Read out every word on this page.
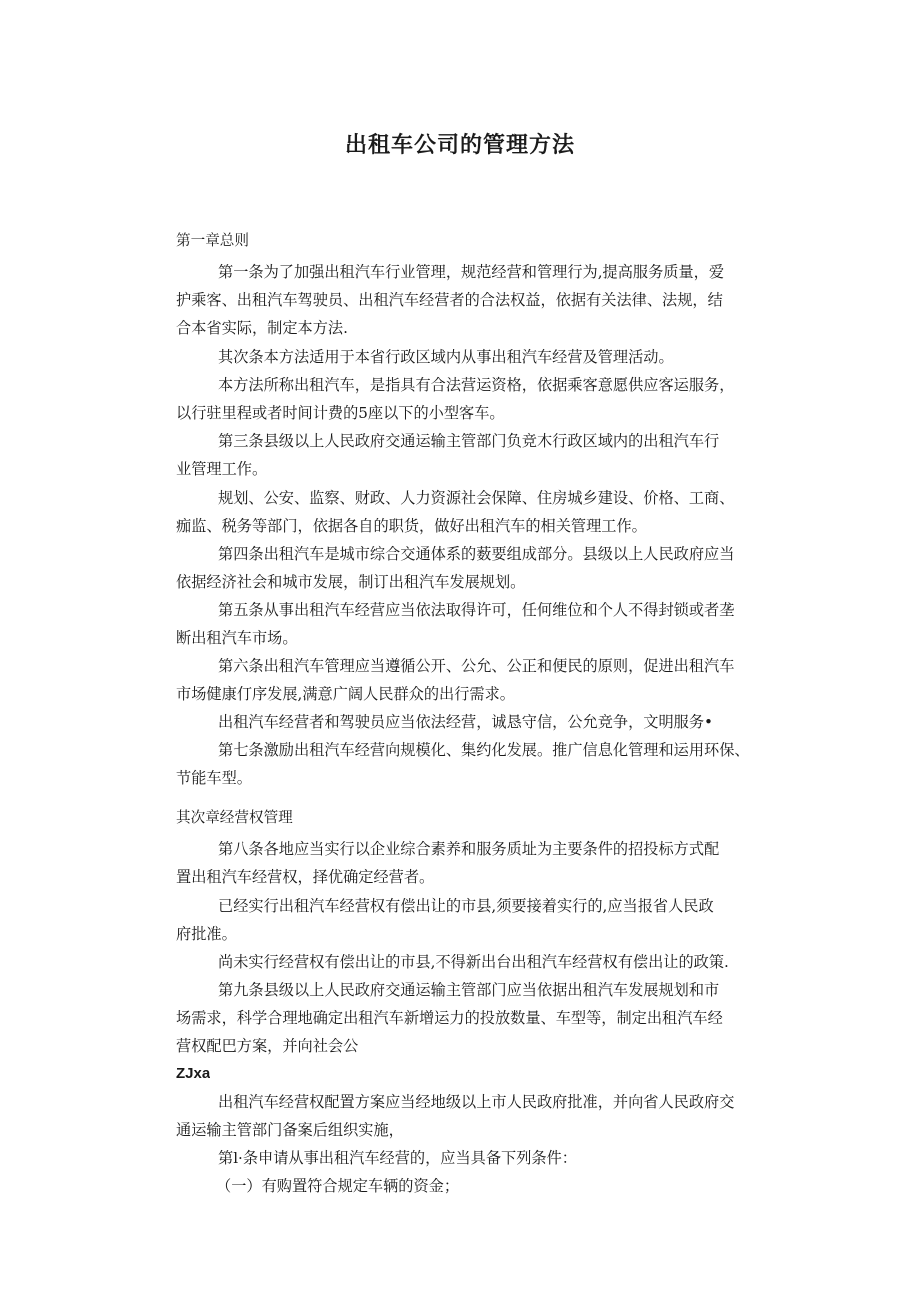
出租车公司的管理方法
第一章总则
第一条为了加强出租汽车行业管理，规范经营和管理行为,提高服务质量，爱
护乘客、出租汽车驾驶员、出租汽车经营者的合法权益，依据有关法律、法规，结
合本省实际，制定本方法.
其次条本方法适用于本省行政区域内从事出租汽车经营及管理活动。
本方法所称出租汽车，是指具有合法营运资格，依据乘客意愿供应客运服务，
以行驻里程或者时间计费的5座以下的小型客车。
第三条县级以上人民政府交通运输主管部门负竞木行政区域内的出租汽车行
业管理工作。
规划、公安、监察、财政、人力资源社会保障、住房城乡建设、价格、工商、
痂监、税务等部门，依据各自的职货，做好出租汽车的相关管理工作。
第四条出租汽车是城市综合交通体系的薮要组成部分。县级以上人民政府应当
依据经济社会和城市发展，制订出租汽车发展规划。
第五条从事出租汽车经营应当依法取得许可，任何维位和个人不得封锁或者垄
断出租汽车市场。
第六条出租汽车管理应当遵循公开、公允、公正和便民的原则，促进出租汽车
市场健康仃序发展,满意广阔人民群众的出行需求。
出租汽车经营者和驾驶员应当依法经营，诚恳守信，公允竞争，文明服务•
第七条激励出租汽车经营向规模化、集约化发展。推广信息化管理和运用环保、
节能车型。
其次章经营权管理
第八条各地应当实行以企业综合素养和服务质址为主要条件的招投标方式配
置出租汽车经营权，择优确定经营者。
已经实行出租汽车经营权有偿出让的市县,须要接着实行的,应当报省人民政
府批准。
尚未实行经营权有偿出让的市县,不得新出台出租汽车经营权有偿出让的政策.
第九条县级以上人民政府交通运输主管部门应当依据出租汽车发展规划和市
场需求，科学合理地确定出租汽车新增运力的投放数量、车型等，制定出租汽车经
营权配巴方案，并向社会公
ZJxa
出租汽车经营权配置方案应当经地级以上市人民政府批准，并向省人民政府交
通运输主管部门备案后组织实施，
第l·条申请从事出租汽车经营的，应当具备下列条件：
（一）有购置符合规定车辆的资金；
